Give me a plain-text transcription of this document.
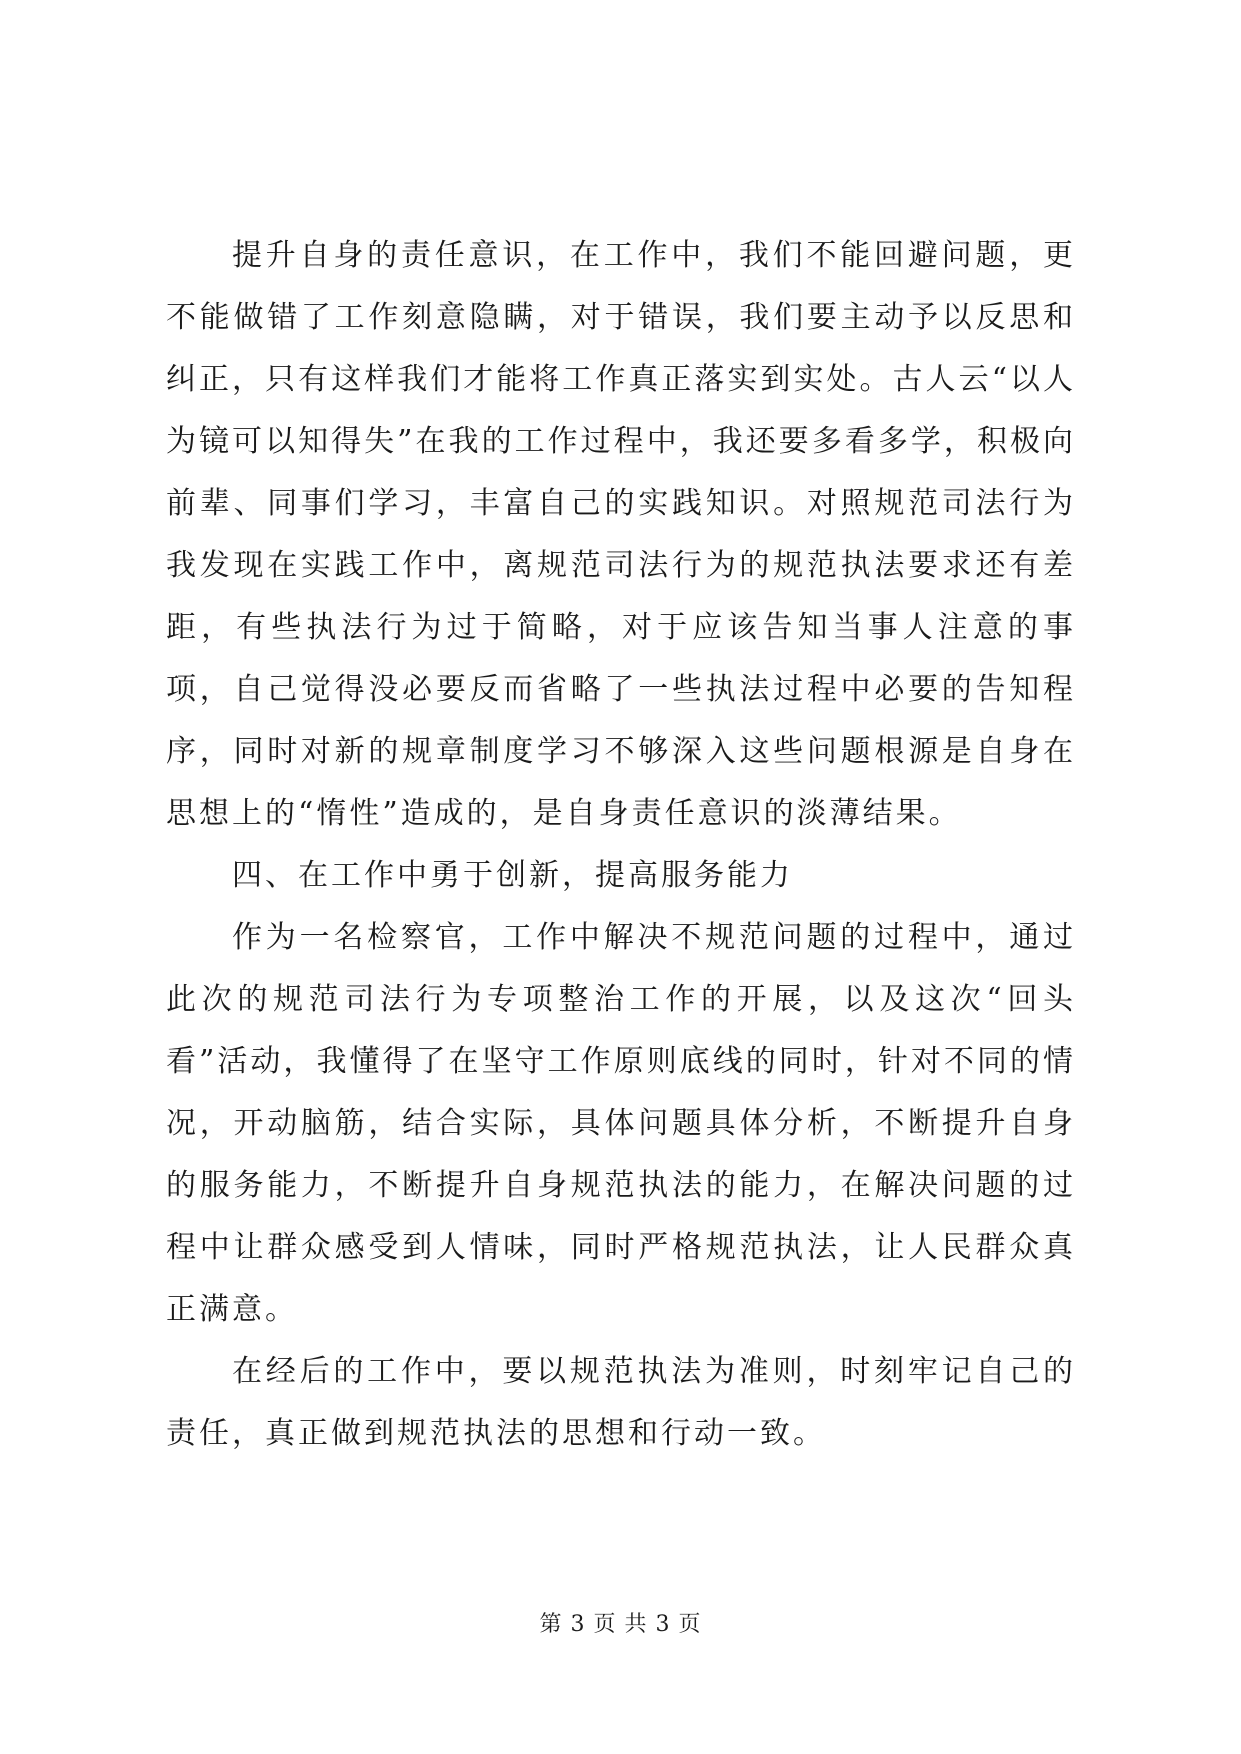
提升自身的责任意识，在工作中，我们不能回避问题，更不能做错了工作刻意隐瞒，对于错误，我们要主动予以反思和纠正，只有这样我们才能将工作真正落实到实处。古人云“以人为镜可以知得失”在我的工作过程中，我还要多看多学，积极向前辈、同事们学习，丰富自己的实践知识。对照规范司法行为我发现在实践工作中，离规范司法行为的规范执法要求还有差距，有些执法行为过于简略，对于应该告知当事人注意的事项，自己觉得没必要反而省略了一些执法过程中必要的告知程序，同时对新的规章制度学习不够深入这些问题根源是自身在思想上的“惰性”造成的，是自身责任意识的淡薄结果。

四、在工作中勇于创新，提高服务能力

作为一名检察官，工作中解决不规范问题的过程中，通过此次的规范司法行为专项整治工作的开展，以及这次“回头看”活动，我懂得了在坚守工作原则底线的同时，针对不同的情况，开动脑筋，结合实际，具体问题具体分析，不断提升自身的服务能力，不断提升自身规范执法的能力，在解决问题的过程中让群众感受到人情味，同时严格规范执法，让人民群众真正满意。

在经后的工作中，要以规范执法为准则，时刻牢记自己的责任，真正做到规范执法的思想和行动一致。

第 3 页 共 3 页
